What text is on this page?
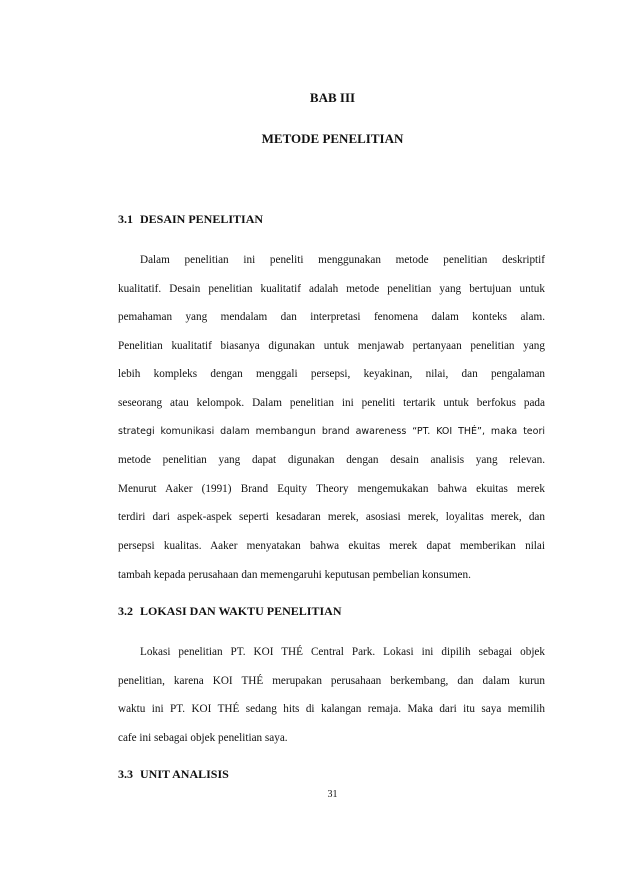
BAB III
METODE PENELITIAN
3.1 DESAIN PENELITIAN
Dalam penelitian ini peneliti menggunakan metode penelitian deskriptif
kualitatif. Desain penelitian kualitatif adalah metode penelitian yang bertujuan untuk
pemahaman yang mendalam dan interpretasi fenomena dalam konteks alam.
Penelitian kualitatif biasanya digunakan untuk menjawab pertanyaan penelitian yang
lebih kompleks dengan menggali persepsi, keyakinan, nilai, dan pengalaman
seseorang atau kelompok. Dalam penelitian ini peneliti tertarik untuk berfokus pada
strategi komunikasi dalam membangun brand awareness “PT. KOI THÉ”, maka teori
metode penelitian yang dapat digunakan dengan desain analisis yang relevan.
Menurut Aaker (1991) Brand Equity Theory mengemukakan bahwa ekuitas merek
terdiri dari aspek-aspek seperti kesadaran merek, asosiasi merek, loyalitas merek, dan
persepsi kualitas. Aaker menyatakan bahwa ekuitas merek dapat memberikan nilai
tambah kepada perusahaan dan memengaruhi keputusan pembelian konsumen.
3.2 LOKASI DAN WAKTU PENELITIAN
Lokasi penelitian PT. KOI THÉ Central Park. Lokasi ini dipilih sebagai objek
penelitian, karena KOI THÉ merupakan perusahaan berkembang, dan dalam kurun
waktu ini PT. KOI THÉ sedang hits di kalangan remaja. Maka dari itu saya memilih
cafe ini sebagai objek penelitian saya.
3.3 UNIT ANALISIS

31
